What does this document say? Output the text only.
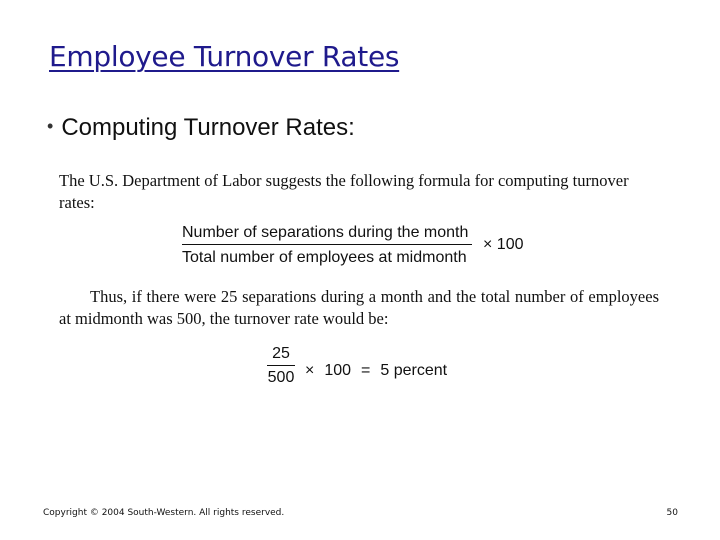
Employee Turnover Rates
• Computing Turnover Rates:
The U.S. Department of Labor suggests the following formula for computing turnover rates:
Number of separations during the month
Total number of employees at midmonth
× 100
Thus, if there were 25 separations during a month and the total number of employees at midmonth was 500, the turnover rate would be:
25
500 × 100 = 5 percent
Copyright © 2004 South-Western. All rights reserved.	50
